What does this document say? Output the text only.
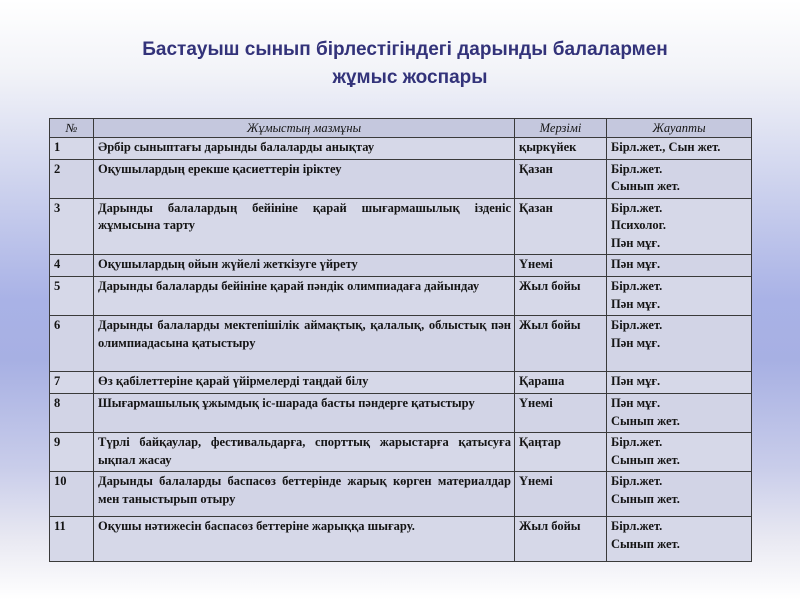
Бастауыш сынып бірлестігіндегі дарынды балалармен
жұмыс жоспары
№	Жұмыстың мазмұны	Мерзімі	Жауапты
1	Әрбір сыныптағы дарынды балаларды анықтау	қыркүйек	Бірл.жет., Сын жет.

2	Оқушылардың ерекше қасиеттерін іріктеу	Қазан	Бірл.жет.
Сынып жет.

3	Дарынды балалардың бейініне қарай шығармашылық ізденіс жұмысына тарту	Қазан	Бірл.жет.
Психолог.
Пән мұғ.

4	Оқушылардың ойын жүйелі жеткізуге үйрету	Үнемі	Пән мұғ.

5	Дарынды балаларды бейініне қарай пәндік олимпиадаға дайындау	Жыл бойы	Бірл.жет.
Пән мұғ.

6	Дарынды балаларды мектепішілік аймақтық, қалалық, облыстық пән олимпиадасына қатыстыру	Жыл бойы	Бірл.жет.
Пән мұғ.

7	Өз қабілеттеріне қарай үйірмелерді таңдай білу	Қараша	Пән мұғ.

8	Шығармашылық ұжымдық іс-шарада басты пәндерге қатыстыру	Үнемі	Пән мұғ.
Сынып жет.

9	Түрлі байқаулар, фестивальдарға, спорттық жарыстарға қатысуға ықпал жасау	Қаңтар	Бірл.жет.
Сынып жет.

10	Дарынды балаларды баспасөз беттерінде жарық көрген материалдар мен таныстырып отыру	Үнемі	Бірл.жет.
Сынып жет.

11	Оқушы нәтижесін баспасөз беттеріне жарыққа шығару.	Жыл бойы	Бірл.жет.
Сынып жет.
